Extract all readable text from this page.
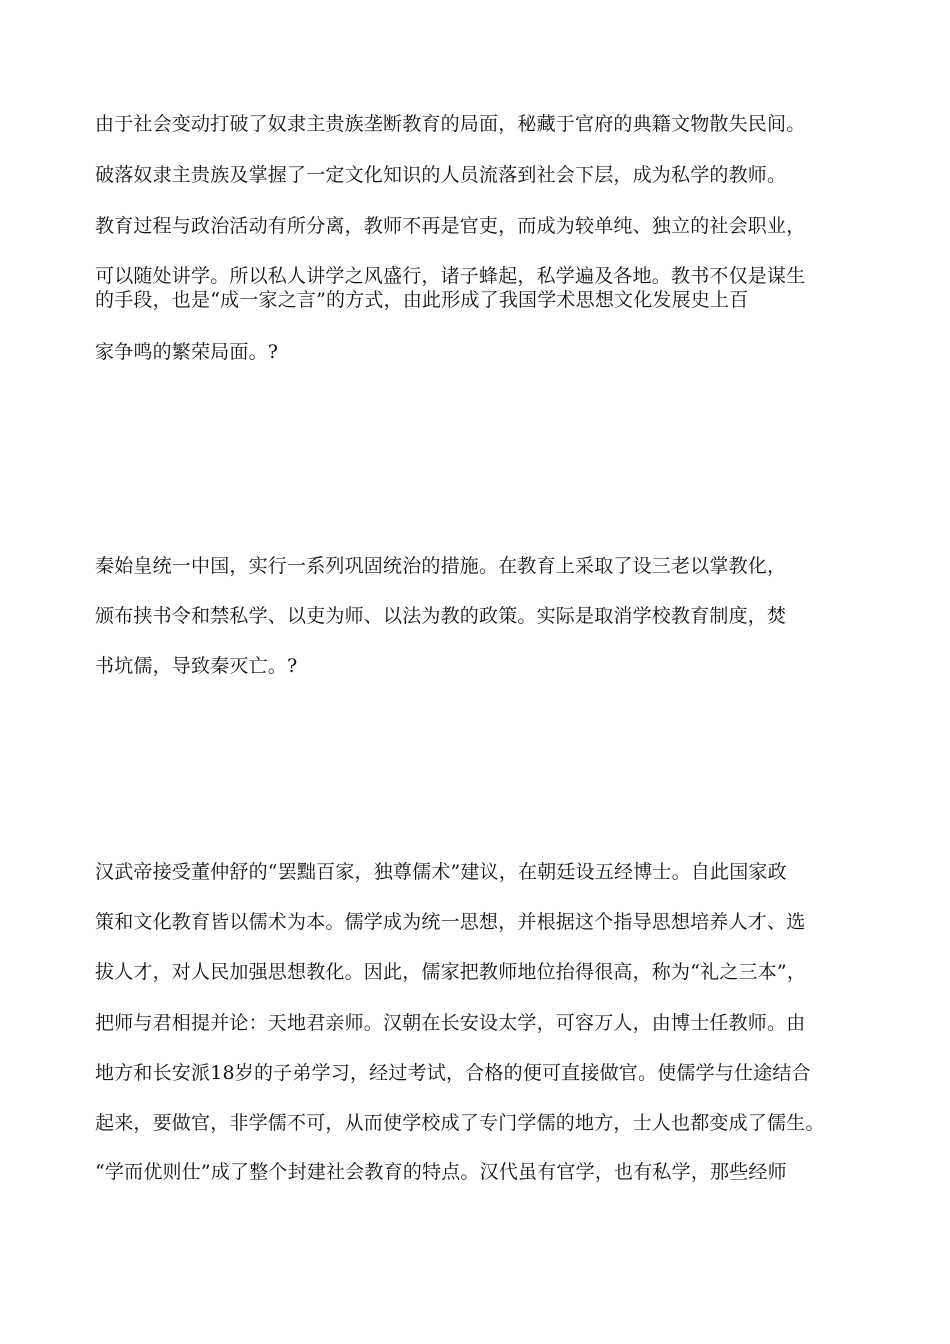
由于社会变动打破了奴隶主贵族垄断教育的局面，秘藏于官府的典籍文物散失民间。
破落奴隶主贵族及掌握了一定文化知识的人员流落到社会下层，成为私学的教师。
教育过程与政治活动有所分离，教师不再是官吏，而成为较单纯、独立的社会职业，
可以随处讲学。所以私人讲学之风盛行，诸子蜂起，私学遍及各地。教书不仅是谋生
的手段，也是“成一家之言”的方式，由此形成了我国学术思想文化发展史上百
家争鸣的繁荣局面。?
秦始皇统一中国，实行一系列巩固统治的措施。在教育上采取了设三老以掌教化，
颁布挟书令和禁私学、以吏为师、以法为教的政策。实际是取消学校教育制度，焚
书坑儒，导致秦灭亡。?
汉武帝接受董仲舒的“罢黜百家，独尊儒术”建议，在朝廷设五经博士。自此国家政
策和文化教育皆以儒术为本。儒学成为统一思想，并根据这个指导思想培养人才、选
拔人才，对人民加强思想教化。因此，儒家把教师地位抬得很高，称为“礼之三本”，
把师与君相提并论：天地君亲师。汉朝在长安设太学，可容万人，由博士任教师。由
地方和长安派18岁的子弟学习，经过考试，合格的便可直接做官。使儒学与仕途结合
起来，要做官，非学儒不可，从而使学校成了专门学儒的地方，士人也都变成了儒生。
“学而优则仕”成了整个封建社会教育的特点。汉代虽有官学，也有私学，那些经师
